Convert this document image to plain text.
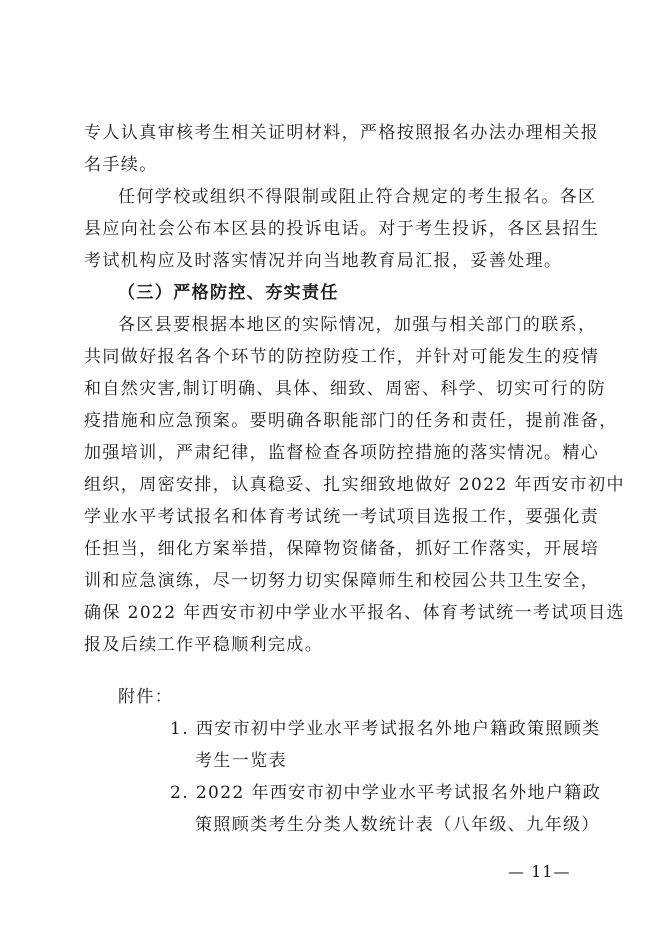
专人认真审核考生相关证明材料，严格按照报名办法办理相关报
名手续。
任何学校或组织不得限制或阻止符合规定的考生报名。各区
县应向社会公布本区县的投诉电话。对于考生投诉，各区县招生
考试机构应及时落实情况并向当地教育局汇报，妥善处理。
（三）严格防控、夯实责任
各区县要根据本地区的实际情况，加强与相关部门的联系，
共同做好报名各个环节的防控防疫工作，并针对可能发生的疫情
和自然灾害,制订明确、具体、细致、周密、科学、切实可行的防
疫措施和应急预案。要明确各职能部门的任务和责任，提前准备，
加强培训，严肃纪律，监督检查各项防控措施的落实情况。精心
组织，周密安排，认真稳妥、扎实细致地做好 2022 年西安市初中
学业水平考试报名和体育考试统一考试项目选报工作，要强化责
任担当，细化方案举措，保障物资储备，抓好工作落实，开展培
训和应急演练，尽一切努力切实保障师生和校园公共卫生安全，
确保 2022 年西安市初中学业水平报名、体育考试统一考试项目选
报及后续工作平稳顺利完成。
附件：
1. 西安市初中学业水平考试报名外地户籍政策照顾类
考生一览表
2. 2022 年西安市初中学业水平考试报名外地户籍政
策照顾类考生分类人数统计表（八年级、九年级）
— 11—
